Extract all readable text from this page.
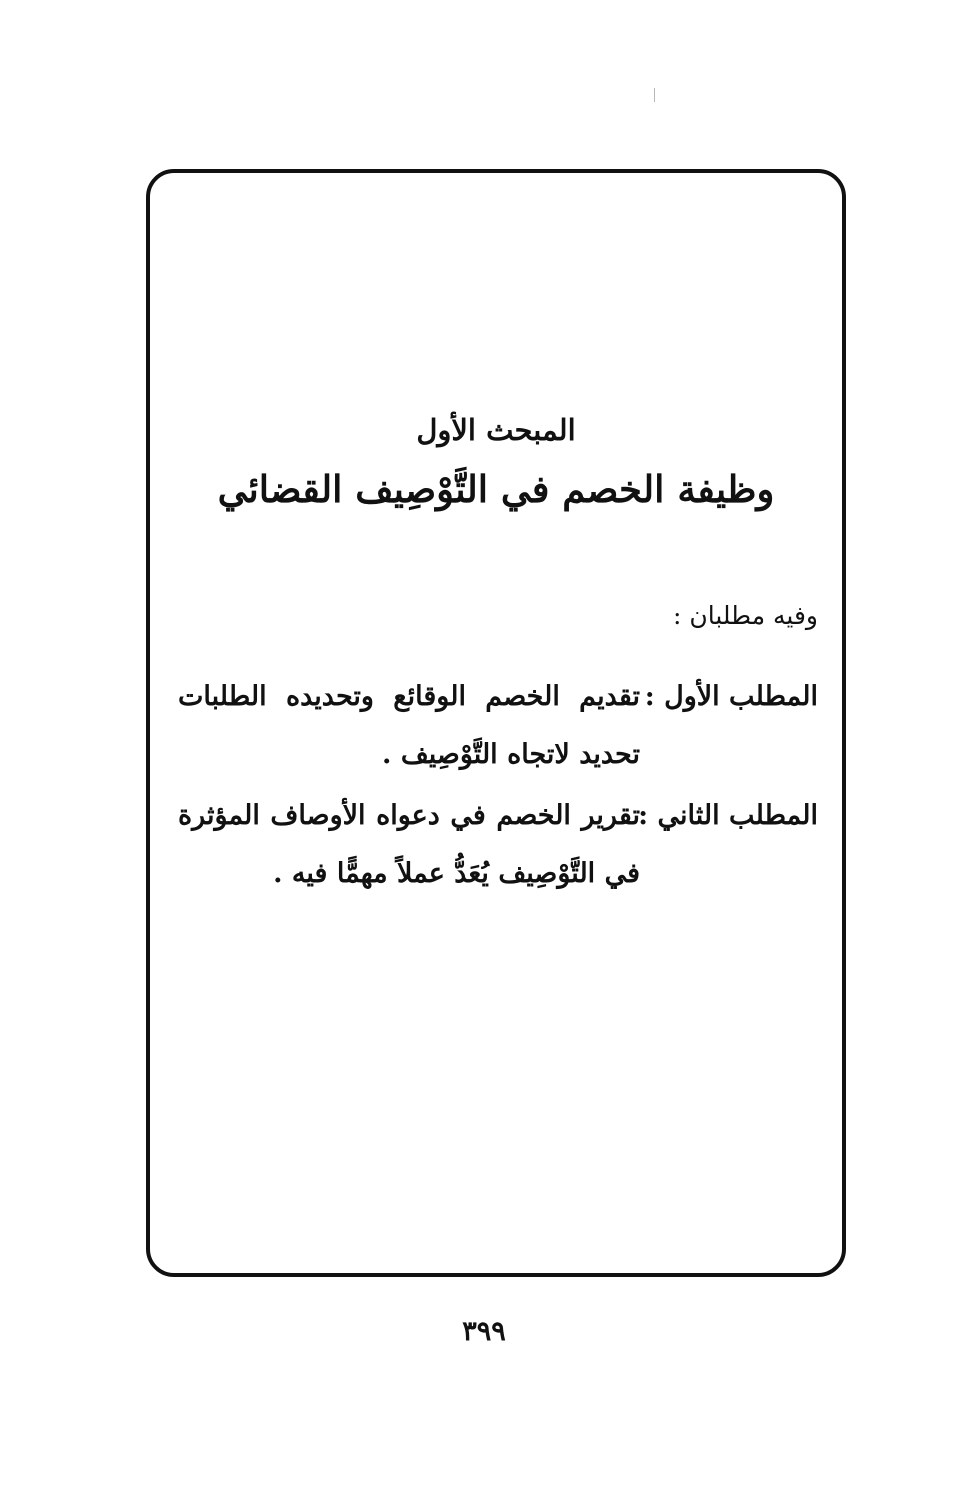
المبحث الأول
وظيفة الخصم في التَّوْصِيف القضائي
وفيه مطلبان :
المطلب الأول :
تقديم الخصم الوقائع وتحديده الطلبات تحديد لاتجاه التَّوْصِيف .
المطلب الثاني :
تقرير الخصم في دعواه الأوصاف المؤثرة في التَّوْصِيف يُعَدُّ عملاً مهمًّا فيه .
٣٩٩
